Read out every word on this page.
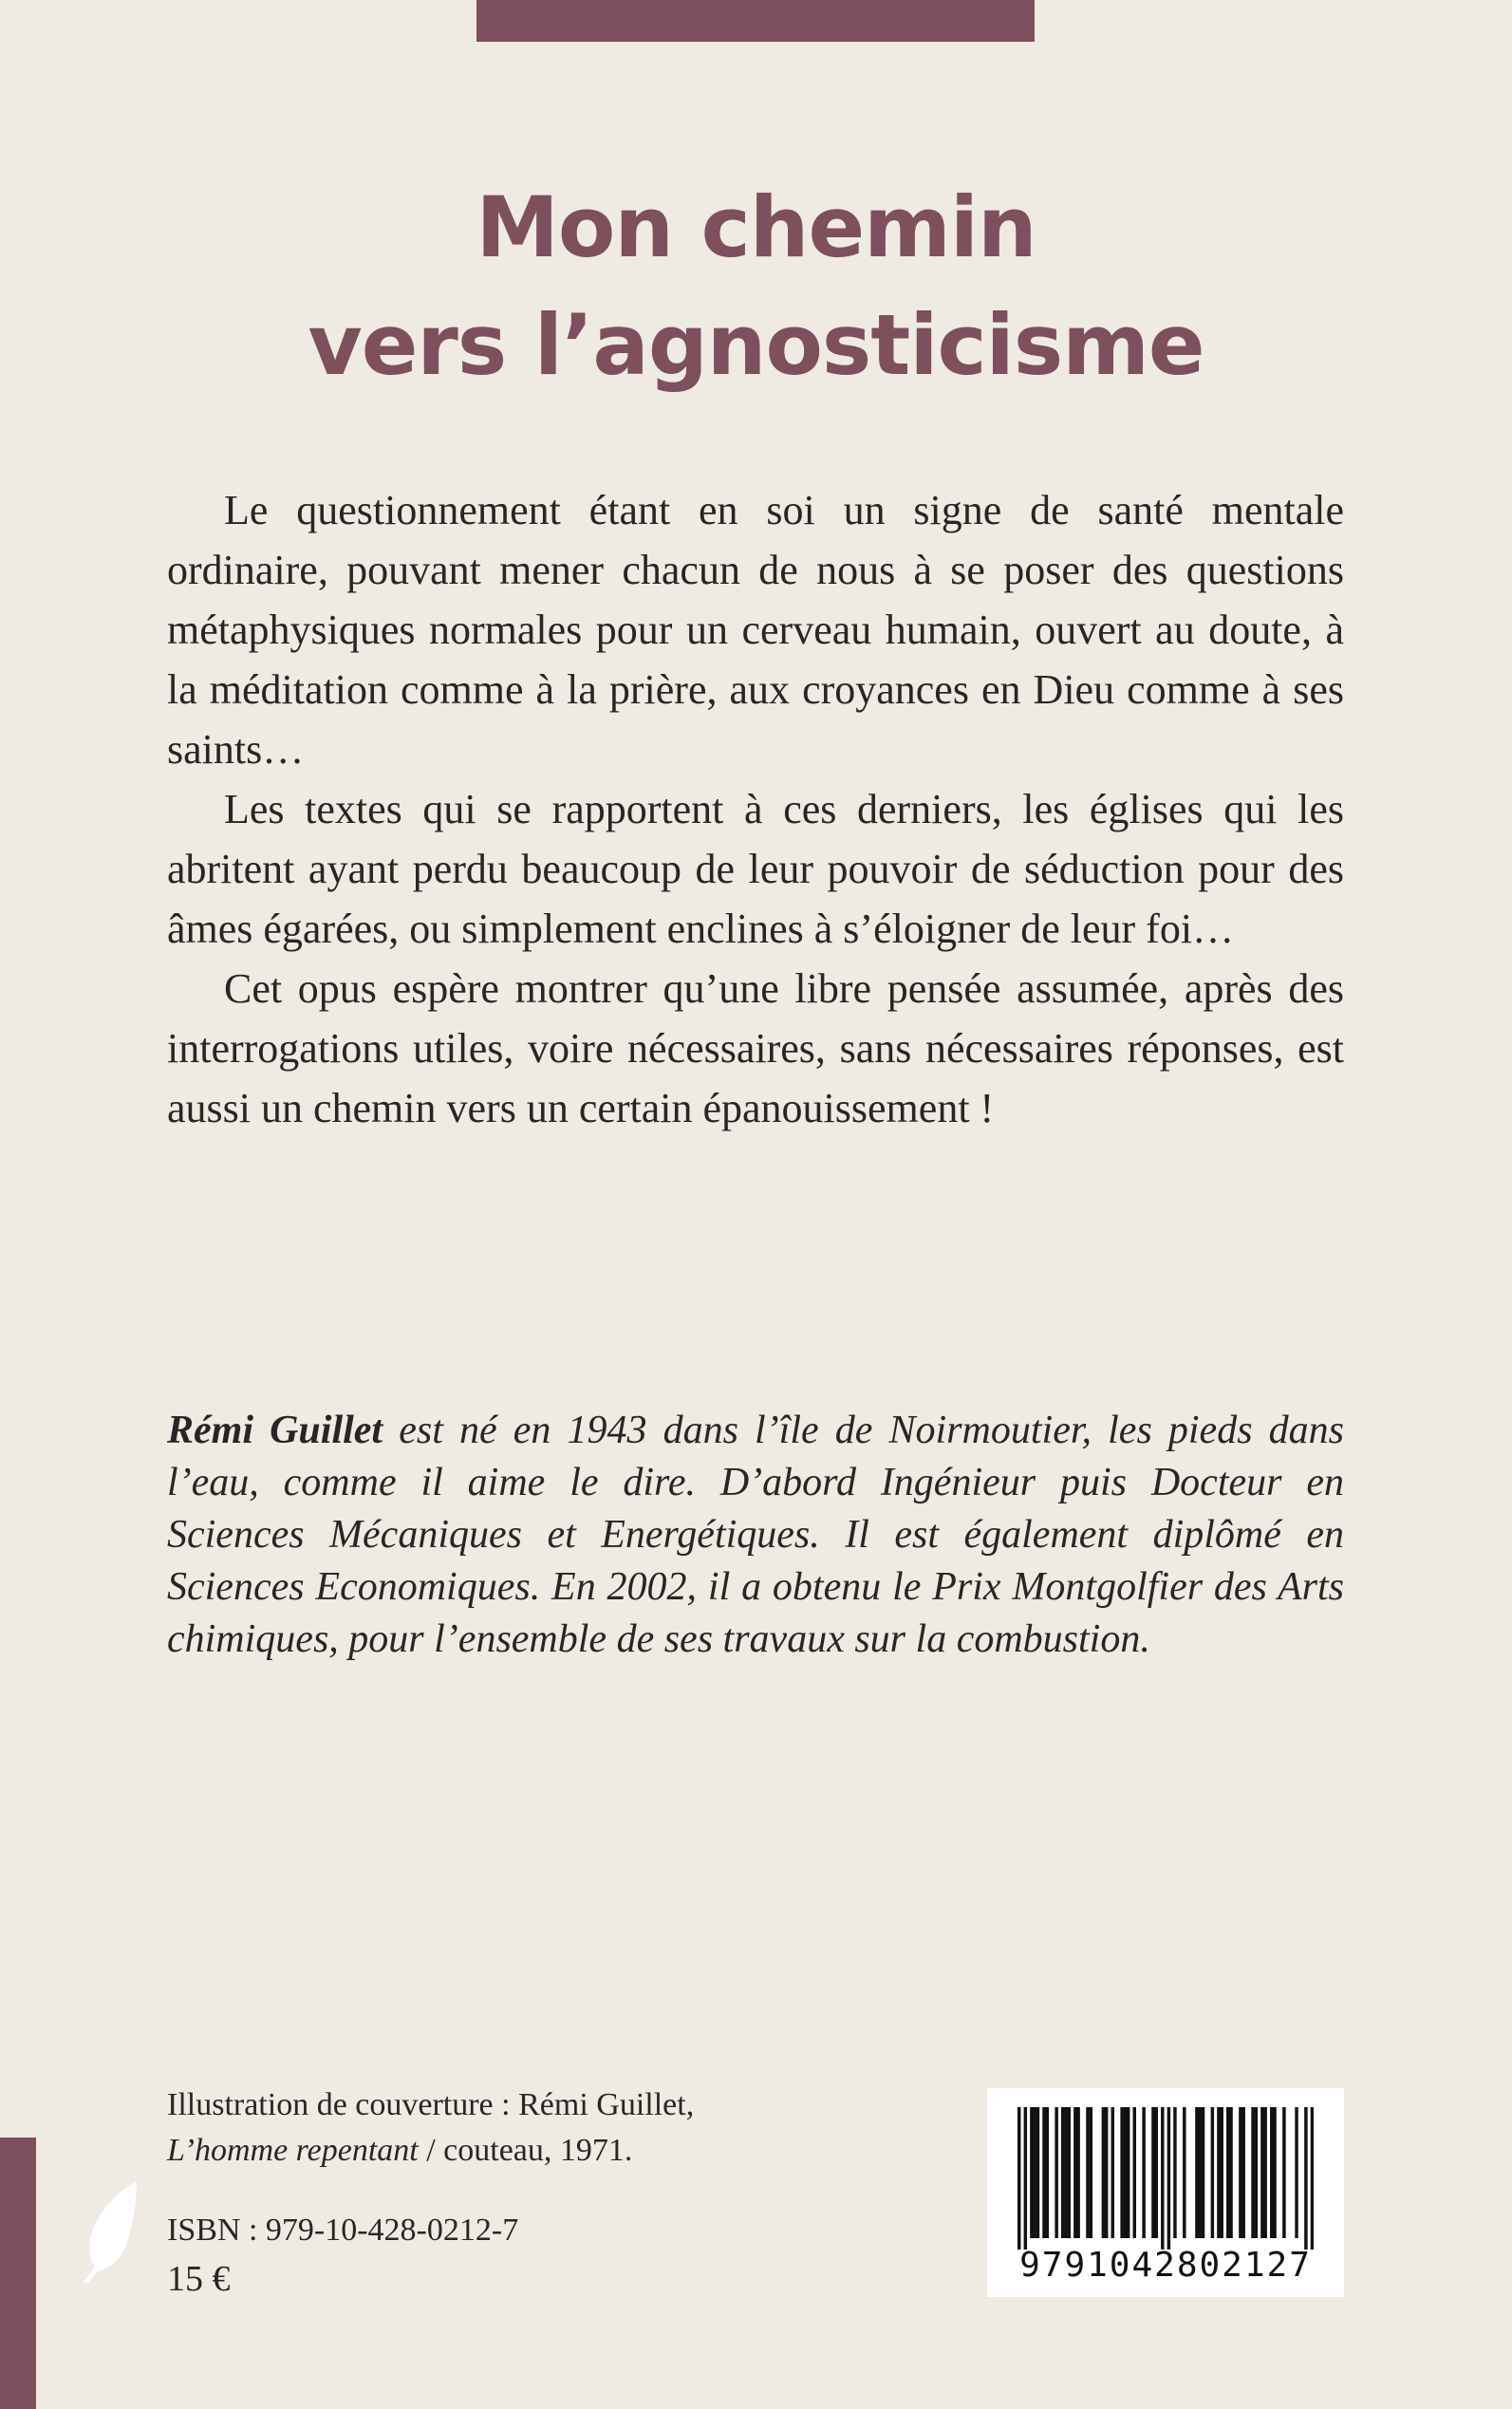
Mon chemin
vers l’agnosticisme

Le questionnement étant en soi un signe de santé mentale ordinaire, pouvant mener chacun de nous à se poser des questions métaphysiques normales pour un cerveau humain, ouvert au doute, à la méditation comme à la prière, aux croyances en Dieu comme à ses saints…

Les textes qui se rapportent à ces derniers, les églises qui les abritent ayant perdu beaucoup de leur pouvoir de séduction pour des âmes égarées, ou simplement enclines à s’éloigner de leur foi…

Cet opus espère montrer qu’une libre pensée assumée, après des interrogations utiles, voire nécessaires, sans nécessaires réponses, est aussi un chemin vers un certain épanouissement !

Rémi Guillet est né en 1943 dans l’île de Noirmoutier, les pieds dans l’eau, comme il aime le dire. D’abord Ingénieur puis Docteur en Sciences Mécaniques et Energétiques. Il est également diplômé en Sciences Economiques. En 2002, il a obtenu le Prix Montgolfier des Arts chimiques, pour l’ensemble de ses travaux sur la combustion.
Illustration de couverture : Rémi Guillet,
L’homme repentant / couteau, 1971.
ISBN : 979-10-428-0212-7
15 €	9791042802127
